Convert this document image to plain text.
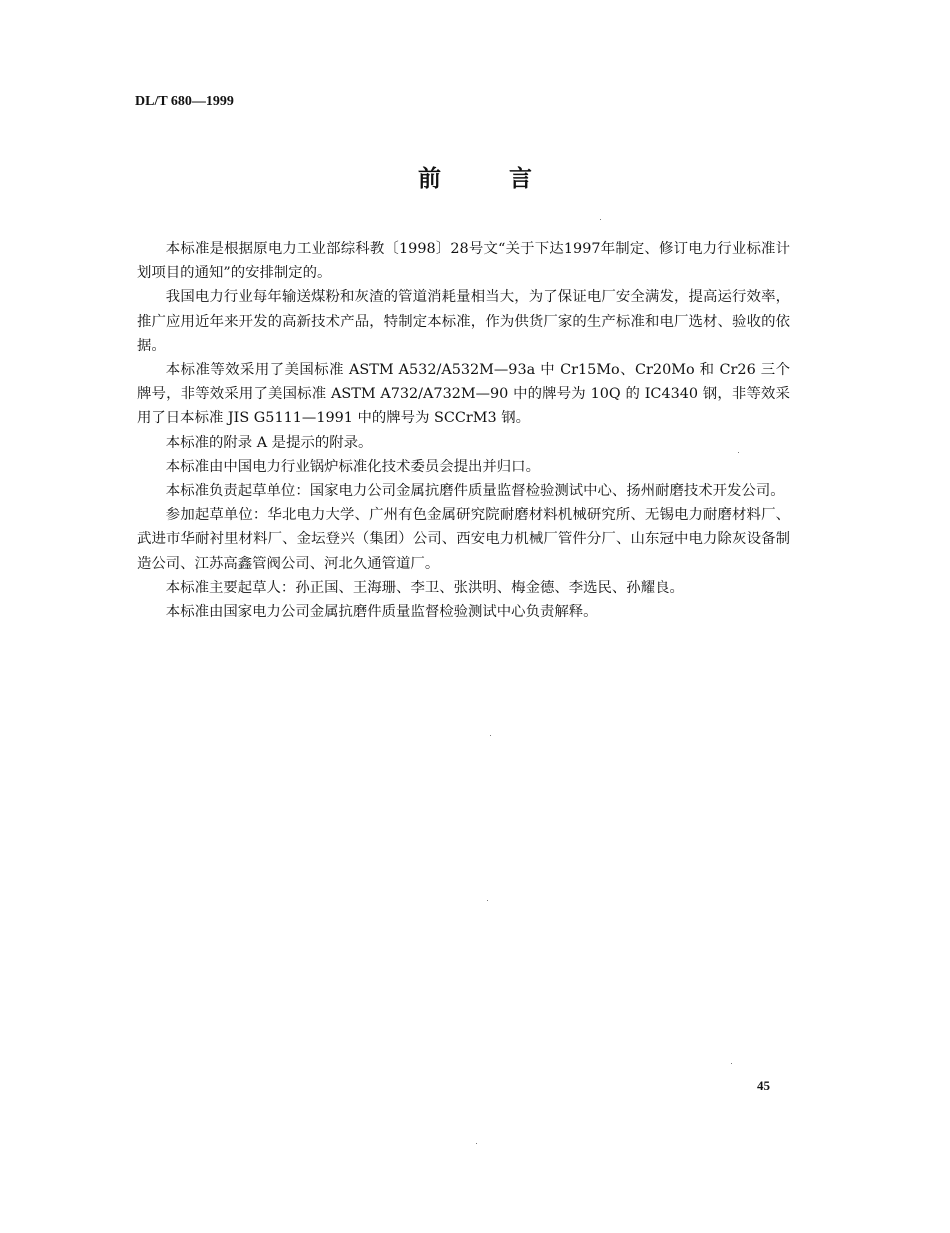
DL/T 680—1999
前	言

本标准是根据原电力工业部综科教〔1998〕28号文“关于下达1997年制定、修订电力行业标准计划项目的通知”的安排制定的。

我国电力行业每年输送煤粉和灰渣的管道消耗量相当大，为了保证电厂安全满发，提高运行效率，推广应用近年来开发的高新技术产品，特制定本标准，作为供货厂家的生产标准和电厂选材、验收的依据。

本标准等效采用了美国标准 ASTM A532/A532M—93a 中 Cr15Mo、Cr20Mo 和 Cr26 三个牌号，非等效采用了美国标准 ASTM A732/A732M—90 中的牌号为 10Q 的 IC4340 钢，非等效采用了日本标准 JIS G5111—1991 中的牌号为 SCCrM3 钢。

本标准的附录 A 是提示的附录。

本标准由中国电力行业锅炉标准化技术委员会提出并归口。

本标准负责起草单位：国家电力公司金属抗磨件质量监督检验测试中心、扬州耐磨技术开发公司。

参加起草单位：华北电力大学、广州有色金属研究院耐磨材料机械研究所、无锡电力耐磨材料厂、武进市华耐衬里材料厂、金坛登兴（集团）公司、西安电力机械厂管件分厂、山东冠中电力除灰设备制造公司、江苏高鑫管阀公司、河北久通管道厂。

本标准主要起草人：孙正国、王海珊、李卫、张洪明、梅金德、李选民、孙耀良。

本标准由国家电力公司金属抗磨件质量监督检验测试中心负责解释。

45
